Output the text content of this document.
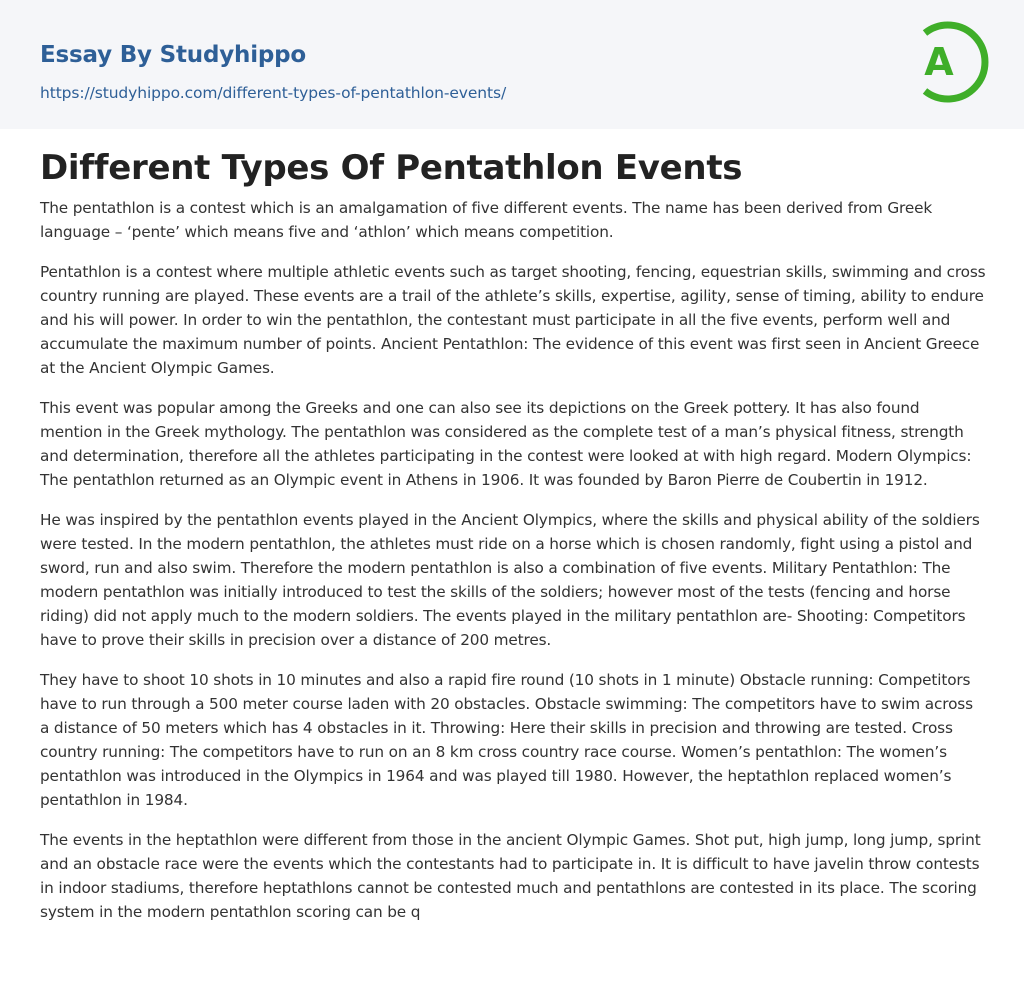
Essay By Studyhippo
https://studyhippo.com/different-types-of-pentathlon-events/
A
Different Types Of Pentathlon Events

The pentathlon is a contest which is an amalgamation of five different events. The name has been derived from Greek language – ‘pente’ which means five and ‘athlon’ which means competition.

Pentathlon is a contest where multiple athletic events such as target shooting, fencing, equestrian skills, swimming and cross country running are played. These events are a trail of the athlete’s skills, expertise, agility, sense of timing, ability to endure and his will power. In order to win the pentathlon, the contestant must participate in all the five events, perform well and accumulate the maximum number of points. Ancient Pentathlon: The evidence of this event was first seen in Ancient Greece at the Ancient Olympic Games.

This event was popular among the Greeks and one can also see its depictions on the Greek pottery. It has also found mention in the Greek mythology. The pentathlon was considered as the complete test of a man’s physical fitness, strength and determination, therefore all the athletes participating in the contest were looked at with high regard. Modern Olympics: The pentathlon returned as an Olympic event in Athens in 1906. It was founded by Baron Pierre de Coubertin in 1912.

He was inspired by the pentathlon events played in the Ancient Olympics, where the skills and physical ability of the soldiers were tested. In the modern pentathlon, the athletes must ride on a horse which is chosen randomly, fight using a pistol and sword, run and also swim. Therefore the modern pentathlon is also a combination of five events. Military Pentathlon: The modern pentathlon was initially introduced to test the skills of the soldiers; however most of the tests (fencing and horse riding) did not apply much to the modern soldiers. The events played in the military pentathlon are- Shooting: Competitors have to prove their skills in precision over a distance of 200 metres.

They have to shoot 10 shots in 10 minutes and also a rapid fire round (10 shots in 1 minute) Obstacle running: Competitors have to run through a 500 meter course laden with 20 obstacles. Obstacle swimming: The competitors have to swim across a distance of 50 meters which has 4 obstacles in it. Throwing: Here their skills in precision and throwing are tested. Cross country running: The competitors have to run on an 8 km cross country race course. Women’s pentathlon: The women’s pentathlon was introduced in the Olympics in 1964 and was played till 1980. However, the heptathlon replaced women’s pentathlon in 1984.

The events in the heptathlon were different from those in the ancient Olympic Games. Shot put, high jump, long jump, sprint and an obstacle race were the events which the contestants had to participate in. It is difficult to have javelin throw contests in indoor stadiums, therefore heptathlons cannot be contested much and pentathlons are contested in its place. The scoring system in the modern pentathlon scoring can be q
